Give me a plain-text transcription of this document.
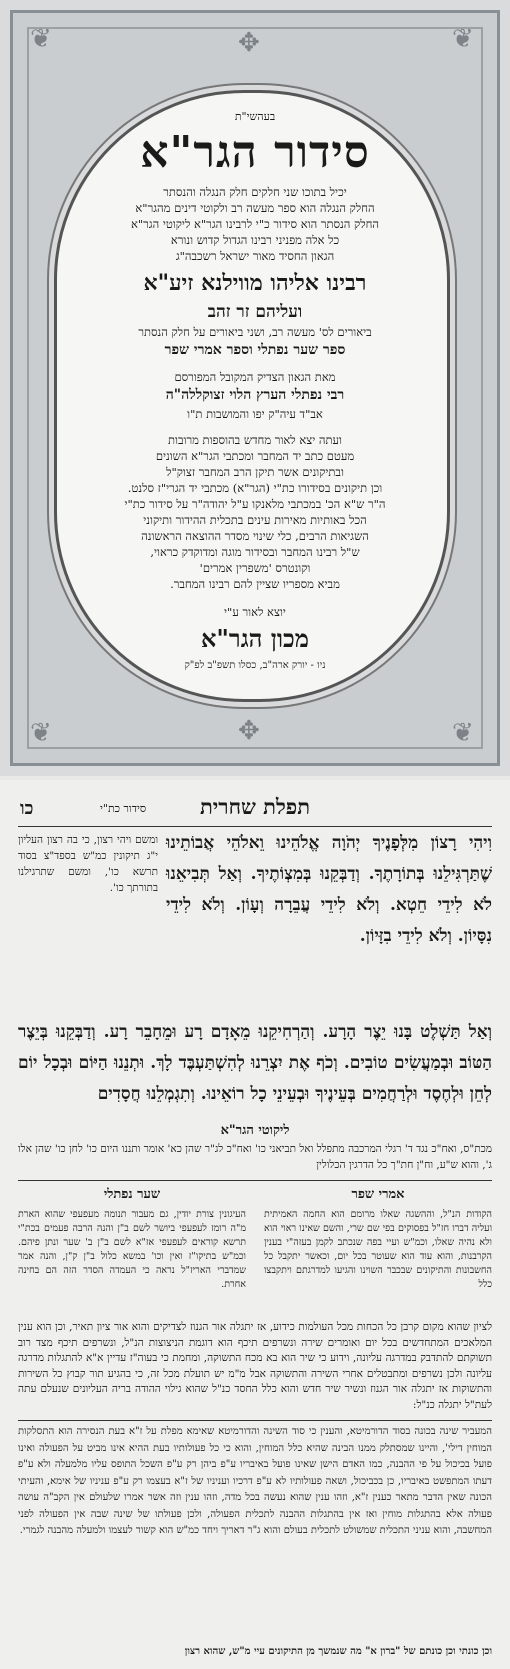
❦	❦
❦	❦
✥
✥

בעהשי"ת

סידור הגר"א

יכיל בתוכו שני חלקים חלק הנגלה והנסתר

החלק הנגלה הוא ספר מעשה רב ולקוטי דינים מהגר"א

החלק הנסתר הוא סידור כ"י לרבינו הגר"א ליקוטי הגר"א

כל אלה מפניני רבינו הגדול קדוש ונורא

הגאון החסיד מאור ישראל רשכבה"ג

רבינו אליהו מווילנא זיע"א

ועליהם זר זהב

ביאורים לס' מעשה רב, ושני ביאורים על חלק הנסתר

ספר שער נפתלי וספר אמרי שפר

מאת הגאון הצדיק המקובל המפורסם

רבי נפתלי הערץ הלוי זצוקללה"ה

אב"ד עיה"ק יפו והמושבות ת"ו

ועתה יצא לאור מחדש בהוספות מרובות

מעטם כתב יד המחבר ומכתבי הגר"א השונים

ובתיקונים אשר תיקן הרב המחבר זצוק"ל

וכן תיקונים בסידורו כת"י (הגר"א) מכתבי יד הגרי"ז סלנט.

ה"ר ש"א הכ' במכתבי מלאנקו ע"ל יהודה"ר על סידור כת"י

הכל באותיות מאירות עינים בתכלית ההידור ותיקוני

השגיאות הרבים, כלי שינוי מסדר ההוצאה הראשונה

ש"ל רבינו המחבר ובסידור מוגה ומדוקדק כראוי,

וקונטרס 'משפרין אמרים'

מביא מספריו שציין להם רבינו המחבר.

יוצא לאור ע"י

מכון הגר"א

ניו - יורק ארה"ב, כסלו תשפ"ב לפ"ק

תפלת שחרית
סידור כת"י
כו
ומשם ויהי רצון, כי בה רצון העליון י"ג תיקונין כמ"ש בספד"צ בסוד תרשא כו', ומשם שתרגילנו בתורתך כו'.
וִיהִי רָצוֹן מִלְּפָנֶיךָ יְהֹוָה אֱלֹהֵינוּ וֵאלֹהֵי אֲבוֹתֵינוּ שֶׁתַּרְגִּילֵנוּ בְּתוֹרָתֶךָ. וְדַבְּקֵנוּ בְּמִצְוֹתֶיךָ. וְאַל תְּבִיאֵנוּ לֹא לִידֵי חֵטְא. וְלֹא לִידֵי עֲבֵרָה וְעָוֹן. וְלֹא לִידֵי נִסָּיוֹן. וְלֹא לִידֵי בִזָּיוֹן.
וְאַל תַּשְׁלֶט בָּנוּ יֵצֶר הָרָע. וְהַרְחִיקֵנוּ מֵאָדָם רָע וּמֵחָבֵר רָע. וְדַבְּקֵנוּ בְּיֵצֶר הַטּוֹב וּבְמַעֲשִׂים טוֹבִים. וְכֹף אֶת יִצְרֵנוּ לְהִשְׁתַּעְבֶּד לָךְ. וּתְנֵנוּ הַיּוֹם וּבְכָל יוֹם לְחֵן וּלְחֶסֶד וּלְרַחֲמִים בְּעֵינֶיךָ וּבְעֵינֵי כָל רוֹאֵינוּ. וְתִגְמְלֵנוּ חֲסָדִים
ליקוטי הגר"א
מכת"ס, ואח"כ נגד ד' רגלי המרכבה מתפלל ואל תביאני כו' ואח"כ לג"ר שהן כא' אומר ותננו היום כו' לחן כו' שהן אלו ג', והוא ש"ע, וח"ן חת"ך כל הדרגין הכלולין
שער נפתלי	אמרי שפר
העיגונין צורת יודין, גם מעבור תנומה מעפעפי שהוא הארת מ"ה רומז לעפעפי ביושר לשם ב"ן והנה הרבה פעמים בכת"י תרשא קוראים לעפעפי אז"א לשם ב"ן ב' שער ונתן פיהם. וכמ"ש בתיקו"ז ואין וכו' במשא כלול ב"ן ק"ן, והנה אמר שמדברי האריז"ל נראה כי העמדה הסדר הזה הם בחינה אחרת.
הקודות הנ"ל, וההשגה שאלו מרומם הוא החמה האמיתית ועליה דברו חז"ל בפסוקים בפי שם שרי, והשם שאינו ראוי הוא ולא נהיה שאלו, וכמ"ש ועיי בפה שנכתב לקמן בעזה"י בענין הקרבנות, והוא עוד הוא שעוטר בכל יום, וכאשר יתקבל כל החשבונות והתיקונים שבכבר השוינו והגיעו למדרגתם ויתקבצו כלל
לציון שהוא מקום קרבן כל הכחות מכל העולמות כידוע, אז יתגלה אור הגנוז לצדיקים והוא אור ציון תאיר, וכן הוא ענין המלאכים המתחדשים בכל יום ואומרים שירה ונשרפים תיכף הוא דוגמת הניצוצות הנ"ל, ונשרפים תיכף מצד רוב תשוקתם להתדבק במדרגה עליונה, וידוע כי שיר הוא בא מכח התשוקה, ומחמת כי בעוה"ז עדיין א"א להתגלות מדרגה עליונה ולכן נשרפים ומתבטלים אחרי השירה והתשוקה אבל מ"מ יש תועלת מכל זה, כי בהגיע תור קבוץ כל השירות והתשוקות אז יתגלה אור הגנוז ונשיר שיר חדש והוא כלל החסד כנ"ל שהוא גילוי ההודה בריה העליונים שנעלם עתה לעת"ל יתגלה כנ"ל:
המעביר שינה בכונה בסוד הדורמיטא, והענין כי סוד השינה והדורמיטא שאימא מפלת על ז"א בעת הנסירה הוא התסלקות המוחין דילי', והיינו שמסתלק ממנו הבינה שהיא כלל המוחין, והוא כי כל פעולותיו בעת ההיא אינו מביט על הפעולה ואינו פועל בכיכול על פי ההבנה, כמו האדם הישן שאינו פועל באיבריו ע"פ ביהן רק ע"פ השכל התופס עליו מלמעלה ולא ע"פ דעתו המתפשט באיבריו, כן בכביכול, ושאה פעולותיו לא ע"פ דרכיו ועניניו של ז"א בעצמו רק ע"פ עניניו של אימא, והעיתי הכונה שאין הדבר מתאר כענין ז"א, וזהו ענין שהוא נעשה בכל מדה, וזהו ענין וזה אשר אמרו שלעולם אין הקב"ה עושה פעולה אלא בהתגלות מוחין ואז אין בהתגלות ההבנה לתכלית הפעולה, ולכן פעולתו של שינה שבה אין הפעולה לפני המחשבה, והוא עניני התכלית שמשולט לתכלית בעולם והוא ג"ר דאריך ויחד כמ"ש הוא קשור לעצמו ולמעלה מהבנה לגמרי.
וכן כונתי וכן כונתם של "ברון א" מה שנמשך מן התיקונים עיי מ"ש, שהוא רצון
